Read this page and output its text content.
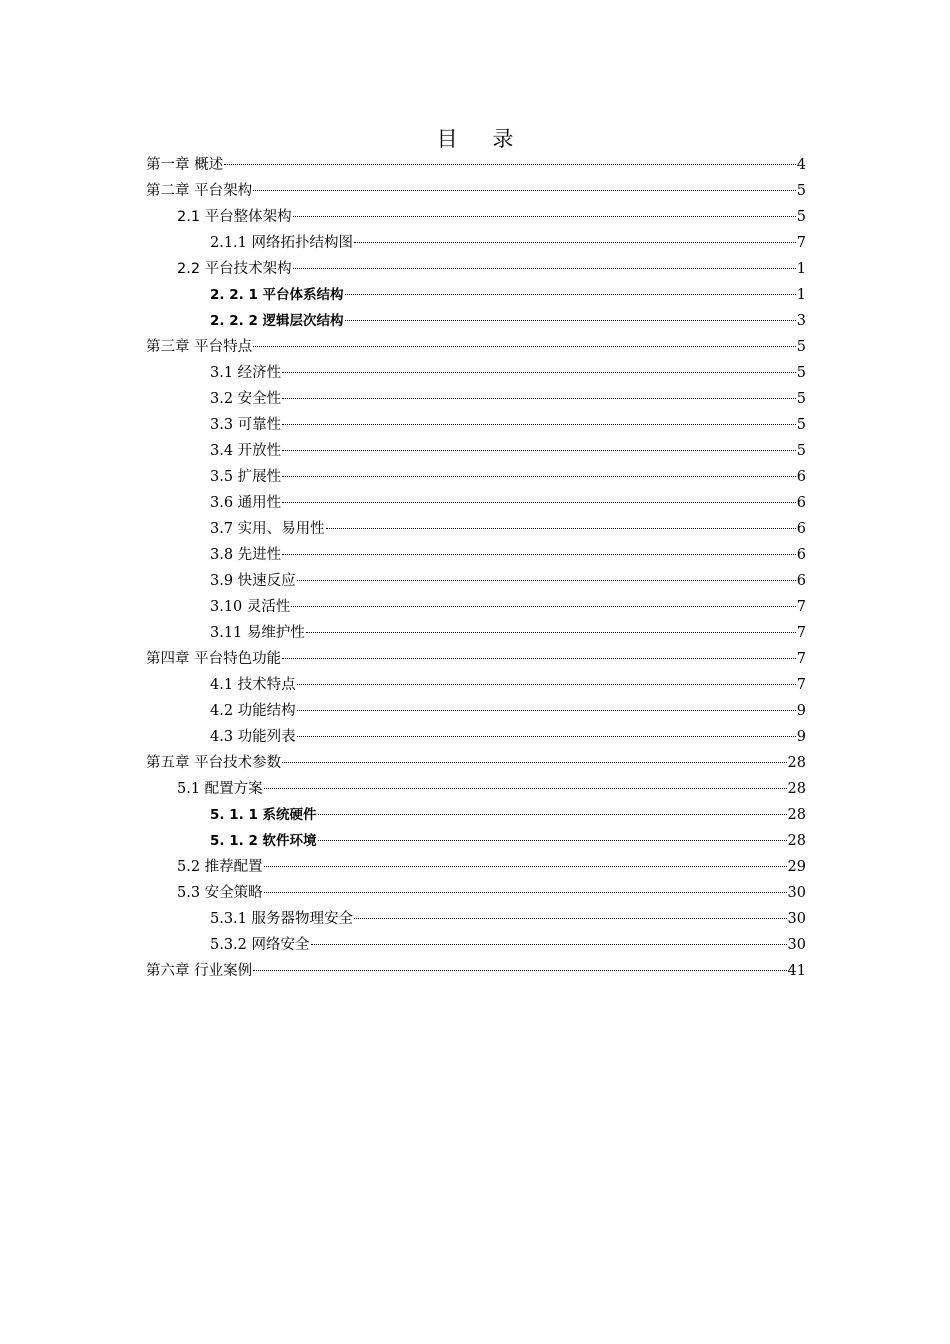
目 录
第一章 概述	4
第二章 平台架构	5
2.1 平台整体架构	5
2.1.1 网络拓扑结构图	7
2.2 平台技术架构	1
2. 2. 1 平台体系结构	1
2. 2. 2 逻辑层次结构	3
第三章 平台特点	5
3.1 经济性	5
3.2 安全性	5
3.3 可靠性	5
3.4 开放性	5
3.5 扩展性	6
3.6 通用性	6
3.7 实用、易用性	6
3.8 先进性	6
3.9 快速反应	6
3.10 灵活性	7
3.11 易维护性	7
第四章 平台特色功能	7
4.1 技术特点	7
4.2 功能结构	9
4.3 功能列表	9
第五章 平台技术参数	28
5.1 配置方案	28
5. 1. 1 系统硬件	28
5. 1. 2 软件环境	28
5.2 推荐配置	29
5.3 安全策略	30
5.3.1 服务器物理安全	30
5.3.2 网络安全	30
第六章 行业案例	41
